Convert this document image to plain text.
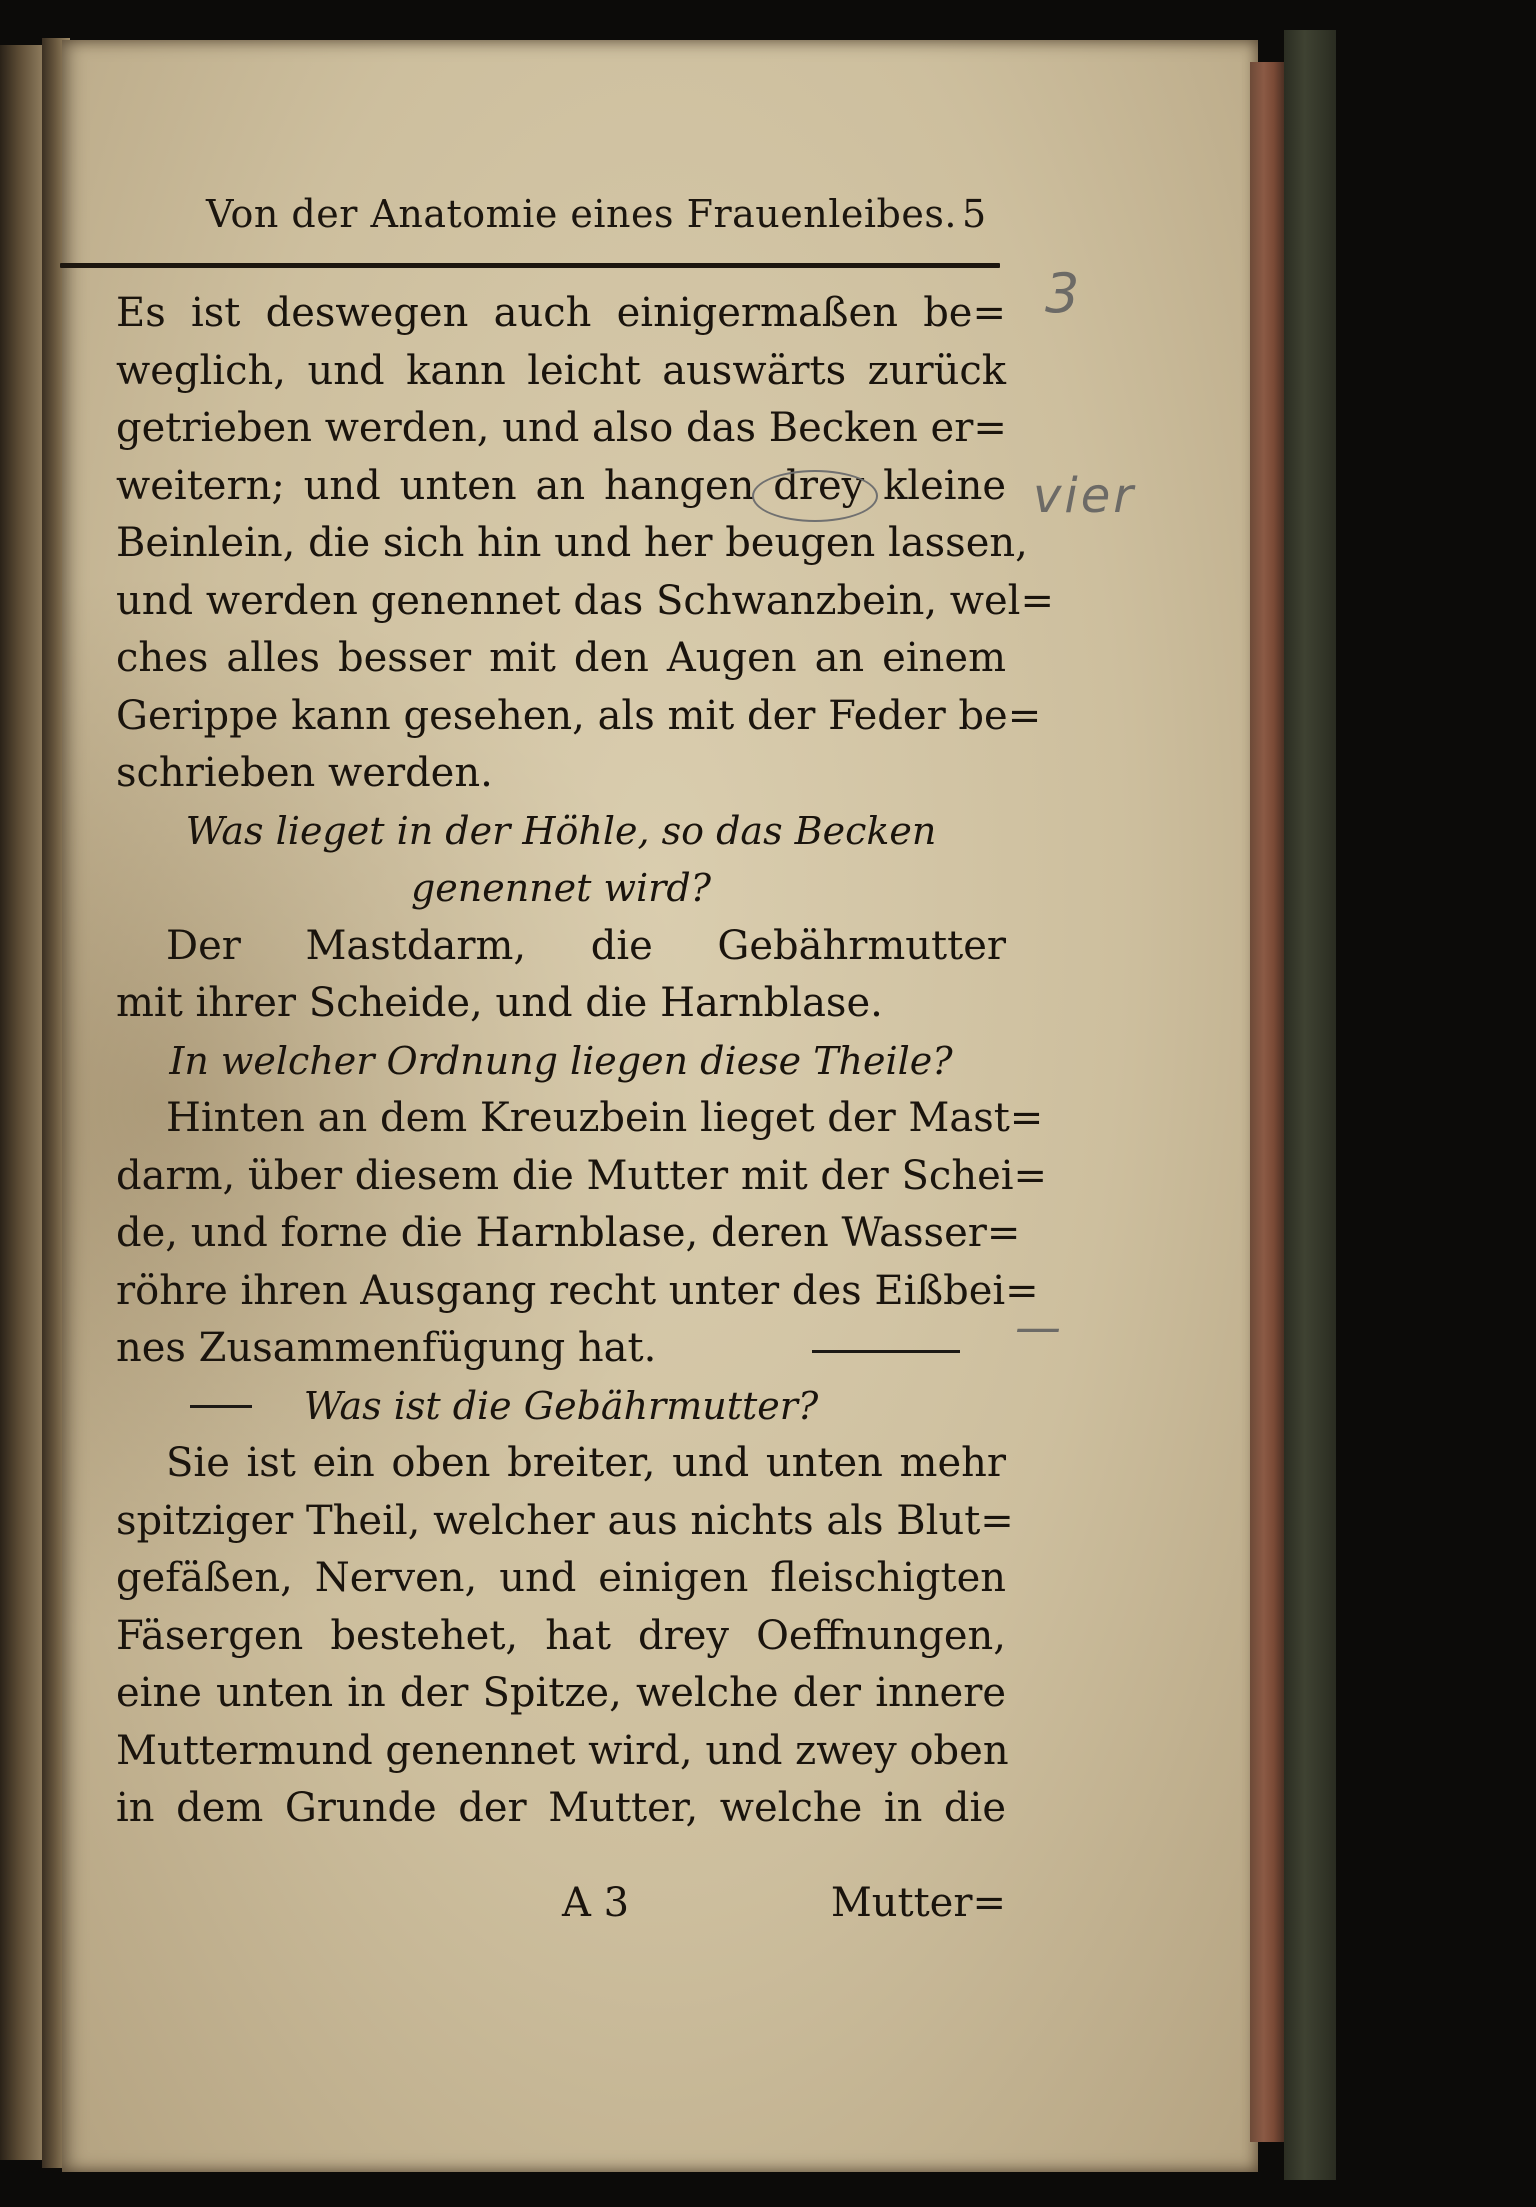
Von der Anatomie eines Frauenleibes. 5
Es ist deswegen auch einigermaßen be=
weglich, und kann leicht auswärts zurück
getrieben werden, und also das Becken er=
weitern; und unten an hangen drey kleine
Beinlein, die sich hin und her beugen lassen,
und werden genennet das Schwanzbein, wel=
ches alles besser mit den Augen an einem
Gerippe kann gesehen, als mit der Feder be=
schrieben werden.
Was lieget in der Höhle, so das Becken
genennet wird?
Der Mastdarm, die Gebährmutter
mit ihrer Scheide, und die Harnblase.
In welcher Ordnung liegen diese Theile?
Hinten an dem Kreuzbein lieget der Mast=
darm, über diesem die Mutter mit der Schei=
de, und forne die Harnblase, deren Wasser=
röhre ihren Ausgang recht unter des Eißbei=
nes Zusammenfügung hat.
Was ist die Gebährmutter?
Sie ist ein oben breiter, und unten mehr
spitziger Theil, welcher aus nichts als Blut=
gefäßen, Nerven, und einigen fleischigten
Fäsergen bestehet, hat drey Oeffnungen,
eine unten in der Spitze, welche der innere
Muttermund genennet wird, und zwey oben
in dem Grunde der Mutter, welche in die
3
vier
—
A 3	Mutter=
